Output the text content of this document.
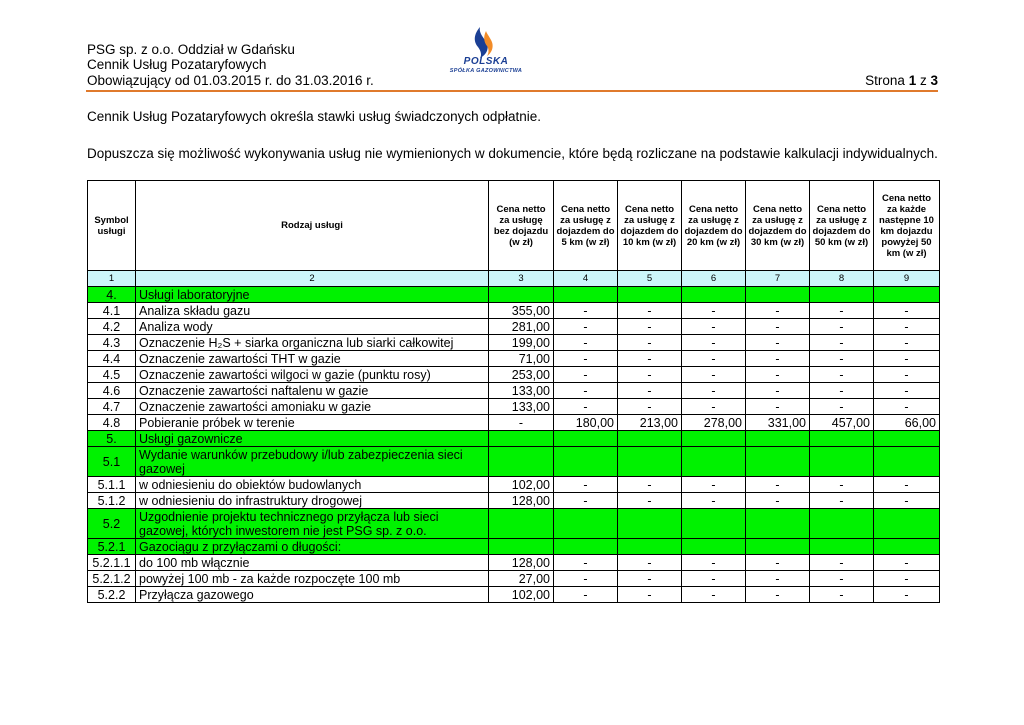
PSG sp. z o.o. Oddział w Gdańsku
Cennik Usług Pozataryfowych
Obowiązujący od 01.03.2015 r. do 31.03.2016 r.
POLSKA
SPÓŁKA GAZOWNICTWA
Strona 1 z 3
Cennik Usług Pozataryfowych określa stawki usług świadczonych odpłatnie.
Dopuszcza się możliwość wykonywania usług nie wymienionych w dokumencie, które będą rozliczane na podstawie kalkulacji indywidualnych.
Symbol usługi	Rodzaj usługi	Cena netto za usługę bez dojazdu (w zł)	Cena netto za usługę z dojazdem do 5 km (w zł)	Cena netto za usługę z dojazdem do 10 km (w zł)	Cena netto za usługę z dojazdem do 20 km (w zł)	Cena netto za usługę z dojazdem do 30 km (w zł)	Cena netto za usługę z dojazdem do 50 km (w zł)	Cena netto za każde następne 10 km dojazdu powyżej 50 km (w zł)
1	2	3	4	5	6	7	8	9
4.	Usługi laboratoryjne							
4.1	Analiza składu gazu	355,00	-	-	-	-	-	-
4.2	Analiza wody	281,00	-	-	-	-	-	-
4.3	Oznaczenie H₂S + siarka organiczna lub siarki całkowitej	199,00	-	-	-	-	-	-
4.4	Oznaczenie zawartości THT w gazie	71,00	-	-	-	-	-	-
4.5	Oznaczenie zawartości wilgoci w gazie (punktu rosy)	253,00	-	-	-	-	-	-
4.6	Oznaczenie zawartości naftalenu w gazie	133,00	-	-	-	-	-	-
4.7	Oznaczenie zawartości amoniaku w gazie	133,00	-	-	-	-	-	-
4.8	Pobieranie próbek w terenie	-	180,00	213,00	278,00	331,00	457,00	66,00
5.	Usługi gazownicze							
5.1	Wydanie warunków przebudowy i/lub zabezpieczenia sieci gazowej							
5.1.1	w odniesieniu do obiektów budowlanych	102,00	-	-	-	-	-	-
5.1.2	w odniesieniu do infrastruktury drogowej	128,00	-	-	-	-	-	-
5.2	Uzgodnienie projektu technicznego przyłącza lub sieci gazowej, których inwestorem nie jest PSG sp. z o.o.							
5.2.1	Gazociągu z przyłączami o długości:							
5.2.1.1	do 100 mb włącznie	128,00	-	-	-	-	-	-
5.2.1.2	powyżej 100 mb - za każde rozpoczęte 100 mb	27,00	-	-	-	-	-	-
5.2.2	Przyłącza gazowego	102,00	-	-	-	-	-	-
